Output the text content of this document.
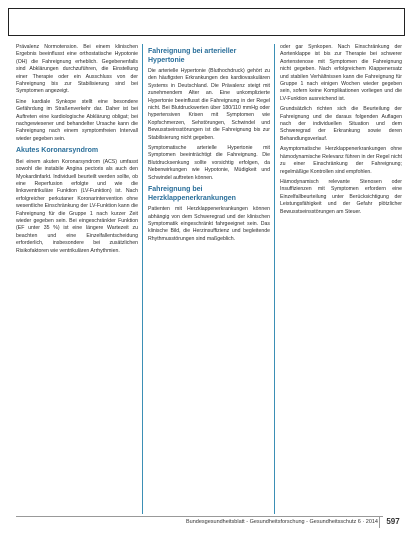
Prävalenz Normotension. Bei einem klinischen Ergebnis beeinflusst eine orthostatische Hypotonie (OH) die Fahreignung erheblich. Gegebenenfalls sind Abklärungen durchzuführen, die Einstellung einer Therapie oder ein Ausschluss von der Fahreignung bis zur Stabilisierung sind bei Symptomen angezeigt.

Eine kardiale Synkope stellt eine besondere Gefährdung im Straßenverkehr dar. Daher ist bei Auftreten eine kardiologische Abklärung obligat; bei nachgewiesener und behandelter Ursache kann die Fahreignung nach einem symptomfreien Intervall wieder gegeben sein.

Akutes Koronarsyndrom

Bei einem akuten Koronarsyndrom (ACS) umfasst sowohl die instabile Angina pectoris als auch den Myokardinfarkt. Individuell beurteilt werden sollte, ob eine Reperfusion erfolgte und wie die linksventrikuläre Funktion (LV-Funktion) ist. Nach erfolgreicher perkutaner Koronarintervention ohne wesentliche Einschränkung der LV-Funktion kann die Fahreignung für die Gruppe 1 nach kurzer Zeit wieder gegeben sein. Bei eingeschränkter Funktion (EF unter 35 %) ist eine längere Wartezeit zu beachten und eine Einzelfallentscheidung erforderlich, insbesondere bei zusätzlichen Risikofaktoren wie ventrikulären Arrhythmien.

Fahreignung bei arterieller Hypertonie

Die arterielle Hypertonie (Bluthochdruck) gehört zu den häufigsten Erkrankungen des kardiovaskulären Systems in Deutschland. Die Prävalenz steigt mit zunehmendem Alter an. Eine unkomplizierte Hypertonie beeinflusst die Fahreignung in der Regel nicht. Bei Blutdruckwerten über 180/110 mmHg oder hypertensiven Krisen mit Symptomen wie Kopfschmerzen, Sehstörungen, Schwindel und Bewusstseinsstörungen ist die Fahreignung bis zur Stabilisierung nicht gegeben.

Symptomatische arterielle Hypertonie mit Symptomen beeinträchtigt die Fahreignung. Die Blutdrucksenkung sollte vorsichtig erfolgen, da Nebenwirkungen wie Hypotonie, Müdigkeit und Schwindel auftreten können.

Fahreignung bei Herzklappenerkrankungen

Patienten mit Herzklappenerkrankungen können abhängig von dem Schweregrad und der klinischen Symptomatik eingeschränkt fahrgeeignet sein. Das klinische Bild, die Herzinsuffizienz und begleitende Rhythmusstörungen sind maßgeblich.

oder gar Synkopen. Nach Einschränkung der Aortenklappe ist bis zur Therapie bei schwerer Aortenstenose mit Symptomen die Fahreignung nicht gegeben. Nach erfolgreichem Klappenersatz und stabilen Verhältnissen kann die Fahreignung für Gruppe 1 nach einigen Wochen wieder gegeben sein, sofern keine Komplikationen vorliegen und die LV-Funktion ausreichend ist.

Grundsätzlich richten sich die Beurteilung der Fahreignung und die daraus folgenden Auflagen nach der individuellen Situation und dem Schweregrad der Erkrankung sowie deren Behandlungsverlauf.

Asymptomatische Herzklappenerkrankungen ohne hämodynamische Relevanz führen in der Regel nicht zu einer Einschränkung der Fahreignung; regelmäßige Kontrollen sind empfohlen.

Hämodynamisch relevante Stenosen oder Insuffizienzen mit Symptomen erfordern eine Einzelfallbeurteilung unter Berücksichtigung der Leistungsfähigkeit und der Gefahr plötzlicher Bewusstseinsstörungen am Steuer.

Bundesgesundheitsblatt - Gesundheitsforschung - Gesundheitsschutz 6 · 2014	597
